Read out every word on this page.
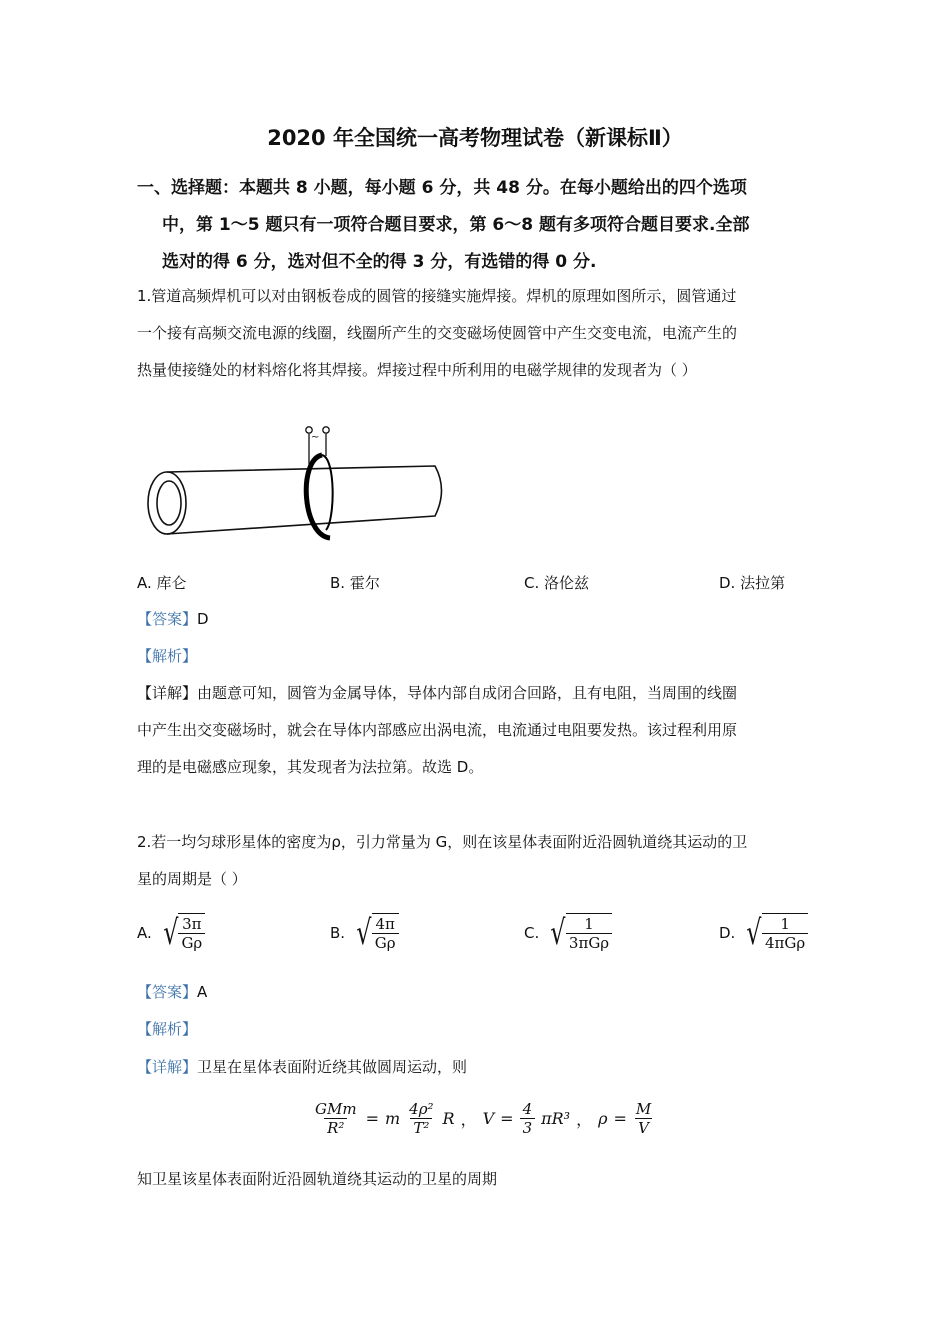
2020 年全国统一高考物理试卷（新课标Ⅱ）
一、选择题：本题共 8 小题，每小题 6 分，共 48 分。在每小题给出的四个选项
中，第 1～5 题只有一项符合题目要求，第 6～8 题有多项符合题目要求.全部
选对的得 6 分，选对但不全的得 3 分，有选错的得 0 分.
1.管道高频焊机可以对由钢板卷成的圆管的接缝实施焊接。焊机的原理如图所示，圆管通过
一个接有高频交流电源的线圈，线圈所产生的交变磁场使圆管中产生交变电流，电流产生的
热量使接缝处的材料熔化将其焊接。焊接过程中所利用的电磁学规律的发现者为（ ）
~
A. 库仑	B. 霍尔	C. 洛伦兹	D. 法拉第
【答案】D
【解析】
【详解】由题意可知，圆管为金属导体，导体内部自成闭合回路，且有电阻，当周围的线圈
中产生出交变磁场时，就会在导体内部感应出涡电流，电流通过电阻要发热。该过程利用原
理的是电磁感应现象，其发现者为法拉第。故选 D。
2.若一均匀球形星体的密度为ρ，引力常量为 G，则在该星体表面附近沿圆轨道绕其运动的卫
星的周期是（ ）
A. √ $\frac{3\pi}{G\rho}$	B. √ $\frac{4\pi}{G\rho}$	C. √ $\frac{1}{\text{3πGρ}}$	D. √ $\frac{1}{\text{4πGρ}}$
【答案】A
【解析】
【详解】卫星在星体表面附近绕其做圆周运动，则
$\frac{\text{GMm}}{\text{R²}} = m \frac{\text{4ρ²}}{\text{T²}}$ R ， $V = \frac{4}{3} \pi R^3$ ， $\rho = \frac{M}{V}$
知卫星该星体表面附近沿圆轨道绕其运动的卫星的周期
